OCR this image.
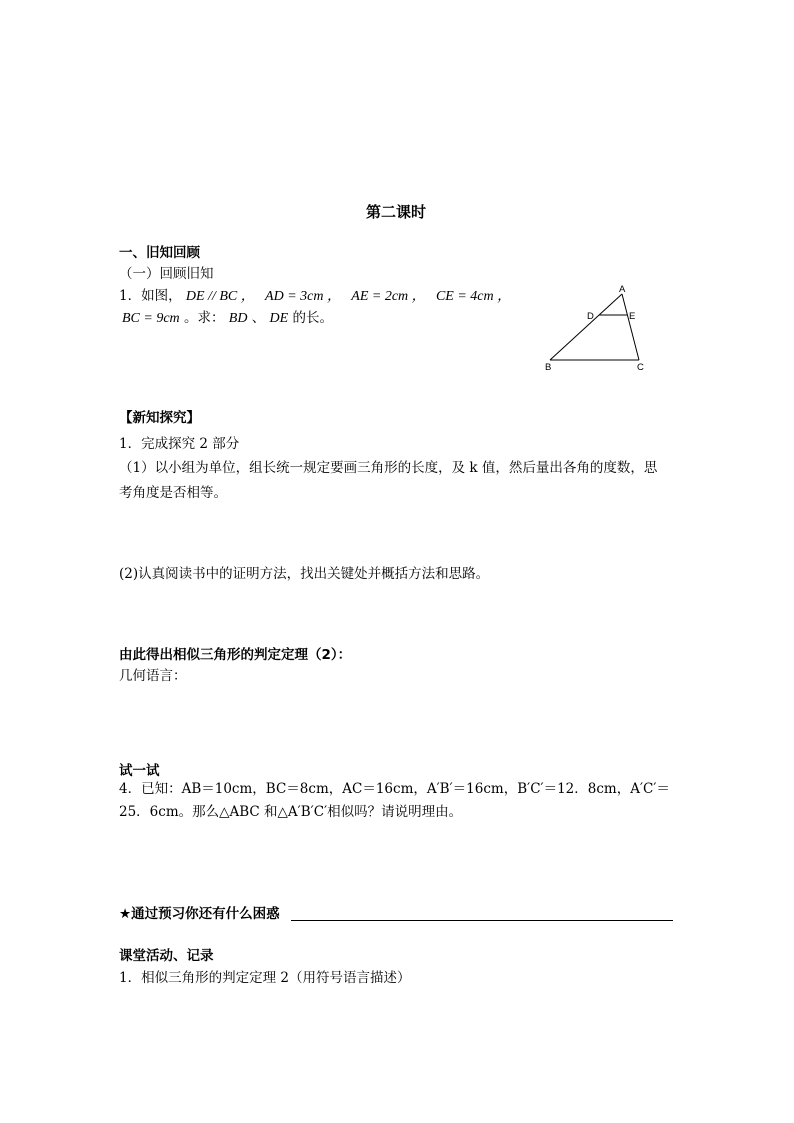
第二课时
一、旧知回顾
（一）回顾旧知
1．如图， DE // BC ， AD = 3cm ， AE = 2cm ， CE = 4cm ，
BC = 9cm 。求： BD 、 DE 的长。
A
D	E
B	C
【新知探究】
1．完成探究 2 部分
（1）以小组为单位，组长统一规定要画三角形的长度，及 k 值，然后量出各角的度数，思
考角度是否相等。
(2)认真阅读书中的证明方法，找出关键处并概括方法和思路。
由此得出相似三角形的判定定理（2）：
几何语言：
试一试
4．已知：AB＝10cm，BC＝8cm，AC＝16cm，A′B′＝16cm，B′C′＝12．8cm，A′C′＝
25．6cm。那么△ABC 和△A′B′C′相似吗？请说明理由。
★通过预习你还有什么困惑
课堂活动、记录
1．相似三角形的判定定理 2（用符号语言描述）
